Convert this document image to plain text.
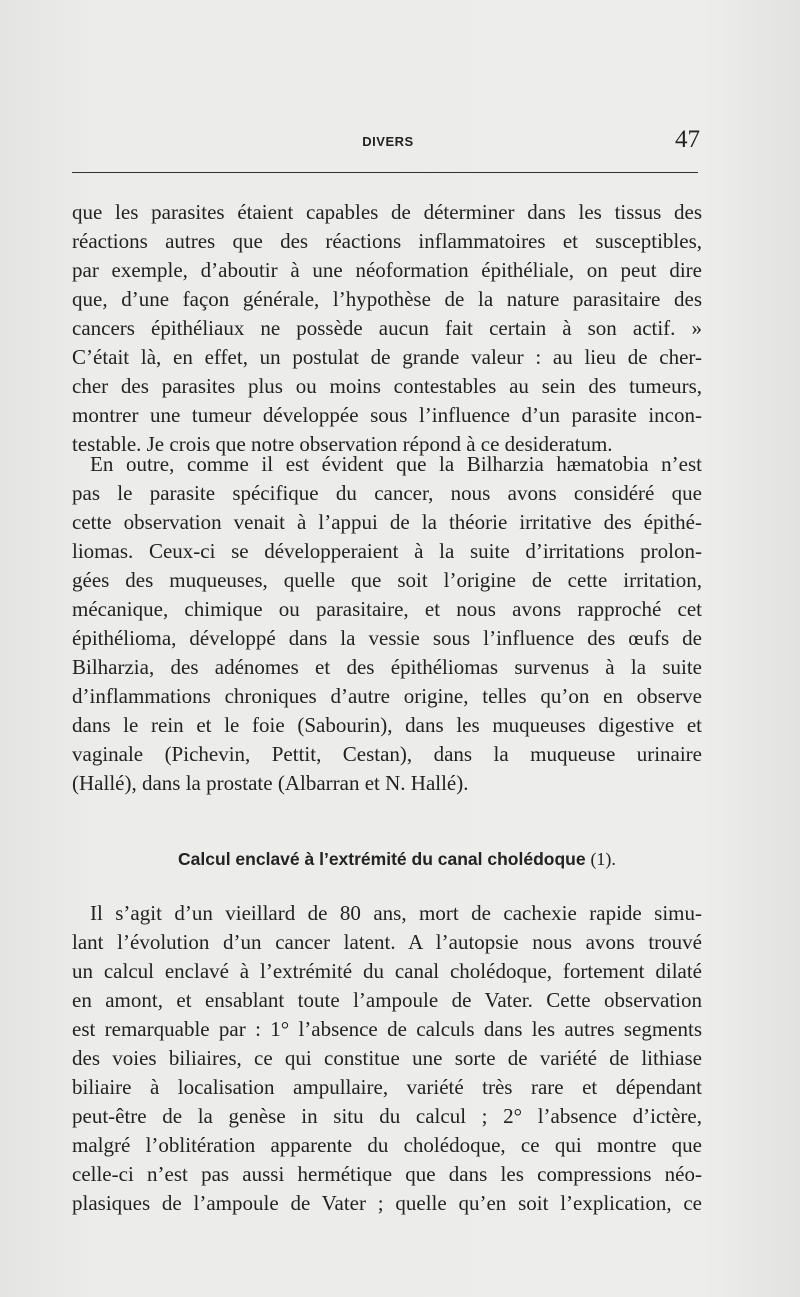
DIVERS	47
que les parasites étaient capables de déterminer dans les tissus des
réactions autres que des réactions inflammatoires et susceptibles,
par exemple, d’aboutir à une néoformation épithéliale, on peut dire
que, d’une façon générale, l’hypothèse de la nature parasitaire des
cancers épithéliaux ne possède aucun fait certain à son actif. »
C’était là, en effet, un postulat de grande valeur : au lieu de cher-
cher des parasites plus ou moins contestables au sein des tumeurs,
montrer une tumeur développée sous l’influence d’un parasite incon-
testable. Je crois que notre observation répond à ce desideratum.
En outre, comme il est évident que la Bilharzia hæmatobia n’est
pas le parasite spécifique du cancer, nous avons considéré que
cette observation venait à l’appui de la théorie irritative des épithé-
liomas. Ceux-ci se développeraient à la suite d’irritations prolon-
gées des muqueuses, quelle que soit l’origine de cette irritation,
mécanique, chimique ou parasitaire, et nous avons rapproché cet
épithélioma, développé dans la vessie sous l’influence des œufs de
Bilharzia, des adénomes et des épithéliomas survenus à la suite
d’inflammations chroniques d’autre origine, telles qu’on en observe
dans le rein et le foie (Sabourin), dans les muqueuses digestive et
vaginale (Pichevin, Pettit, Cestan), dans la muqueuse urinaire
(Hallé), dans la prostate (Albarran et N. Hallé).
Calcul enclavé à l’extrémité du canal cholédoque (1).
Il s’agit d’un vieillard de 80 ans, mort de cachexie rapide simu-
lant l’évolution d’un cancer latent. A l’autopsie nous avons trouvé
un calcul enclavé à l’extrémité du canal cholédoque, fortement dilaté
en amont, et ensablant toute l’ampoule de Vater. Cette observation
est remarquable par : 1° l’absence de calculs dans les autres segments
des voies biliaires, ce qui constitue une sorte de variété de lithiase
biliaire à localisation ampullaire, variété très rare et dépendant
peut-être de la genèse in situ du calcul ; 2° l’absence d’ictère,
malgré l’oblitération apparente du cholédoque, ce qui montre que
celle-ci n’est pas aussi hermétique que dans les compressions néo-
plasiques de l’ampoule de Vater ; quelle qu’en soit l’explication, ce
